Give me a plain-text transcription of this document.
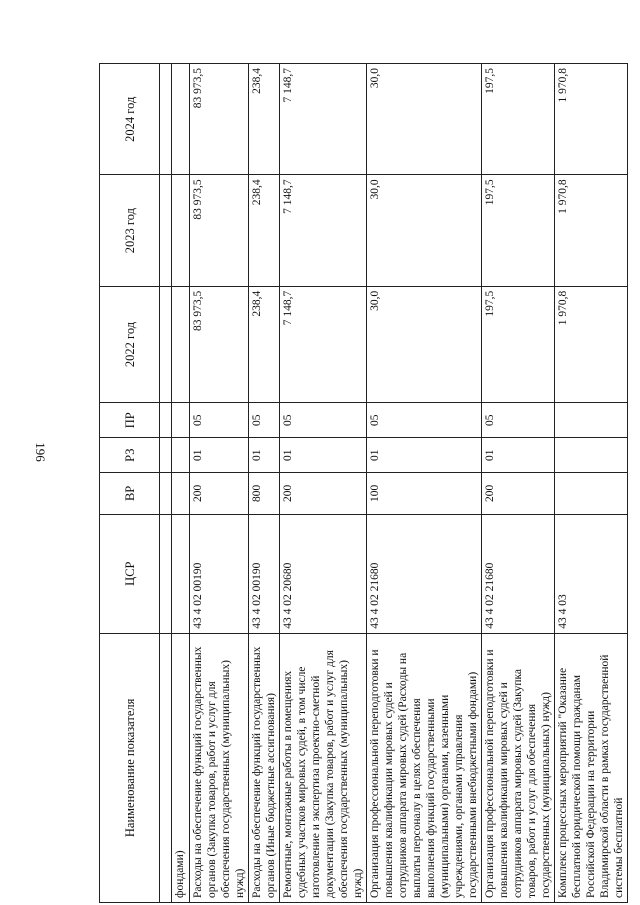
196
Наименование показателя	ЦСР	ВР	РЗ	ПР	2022 год	2023 год	2024 год

фондами)							
Расходы на обеспечение функций государственных органов (Закупка товаров, работ и услуг для обеспечения государственных (муниципальных) нужд)	43 4 02 00190	200	01	05	83 973,5	83 973,5	83 973,5
Расходы на обеспечение функций государственных органов (Иные бюджетные ассигнования)	43 4 02 00190	800	01	05	238,4	238,4	238,4
Ремонтные, монтажные работы в помещениях судебных участков мировых судей, в том числе изготовление и экспертиза проектно-сметной документации (Закупка товаров, работ и услуг для обеспечения государственных (муниципальных) нужд)	43 4 02 20680	200	01	05	7 148,7	7 148,7	7 148,7
Организация профессиональной переподготовки и повышения квалификации мировых судей и сотрудников аппарата мировых судей (Расходы на выплаты персоналу в целях обеспечения выполнения функций государственными (муниципальными) органами, казенными учреждениями, органами управления государственными внебюджетными фондами)	43 4 02 21680	100	01	05	30,0	30,0	30,0
Организация профессиональной переподготовки и повышения квалификации мировых судей и сотрудников аппарата мировых судей (Закупка товаров, работ и услуг для обеспечения государственных (муниципальных) нужд)	43 4 02 21680	200	01	05	197,5	197,5	197,5
Комплекс процессных мероприятий "Оказание бесплатной юридической помощи гражданам Российской Федерации на территории Владимирской области в рамках государственной системы бесплатной	43 4 03				1 970,8	1 970,8	1 970,8
